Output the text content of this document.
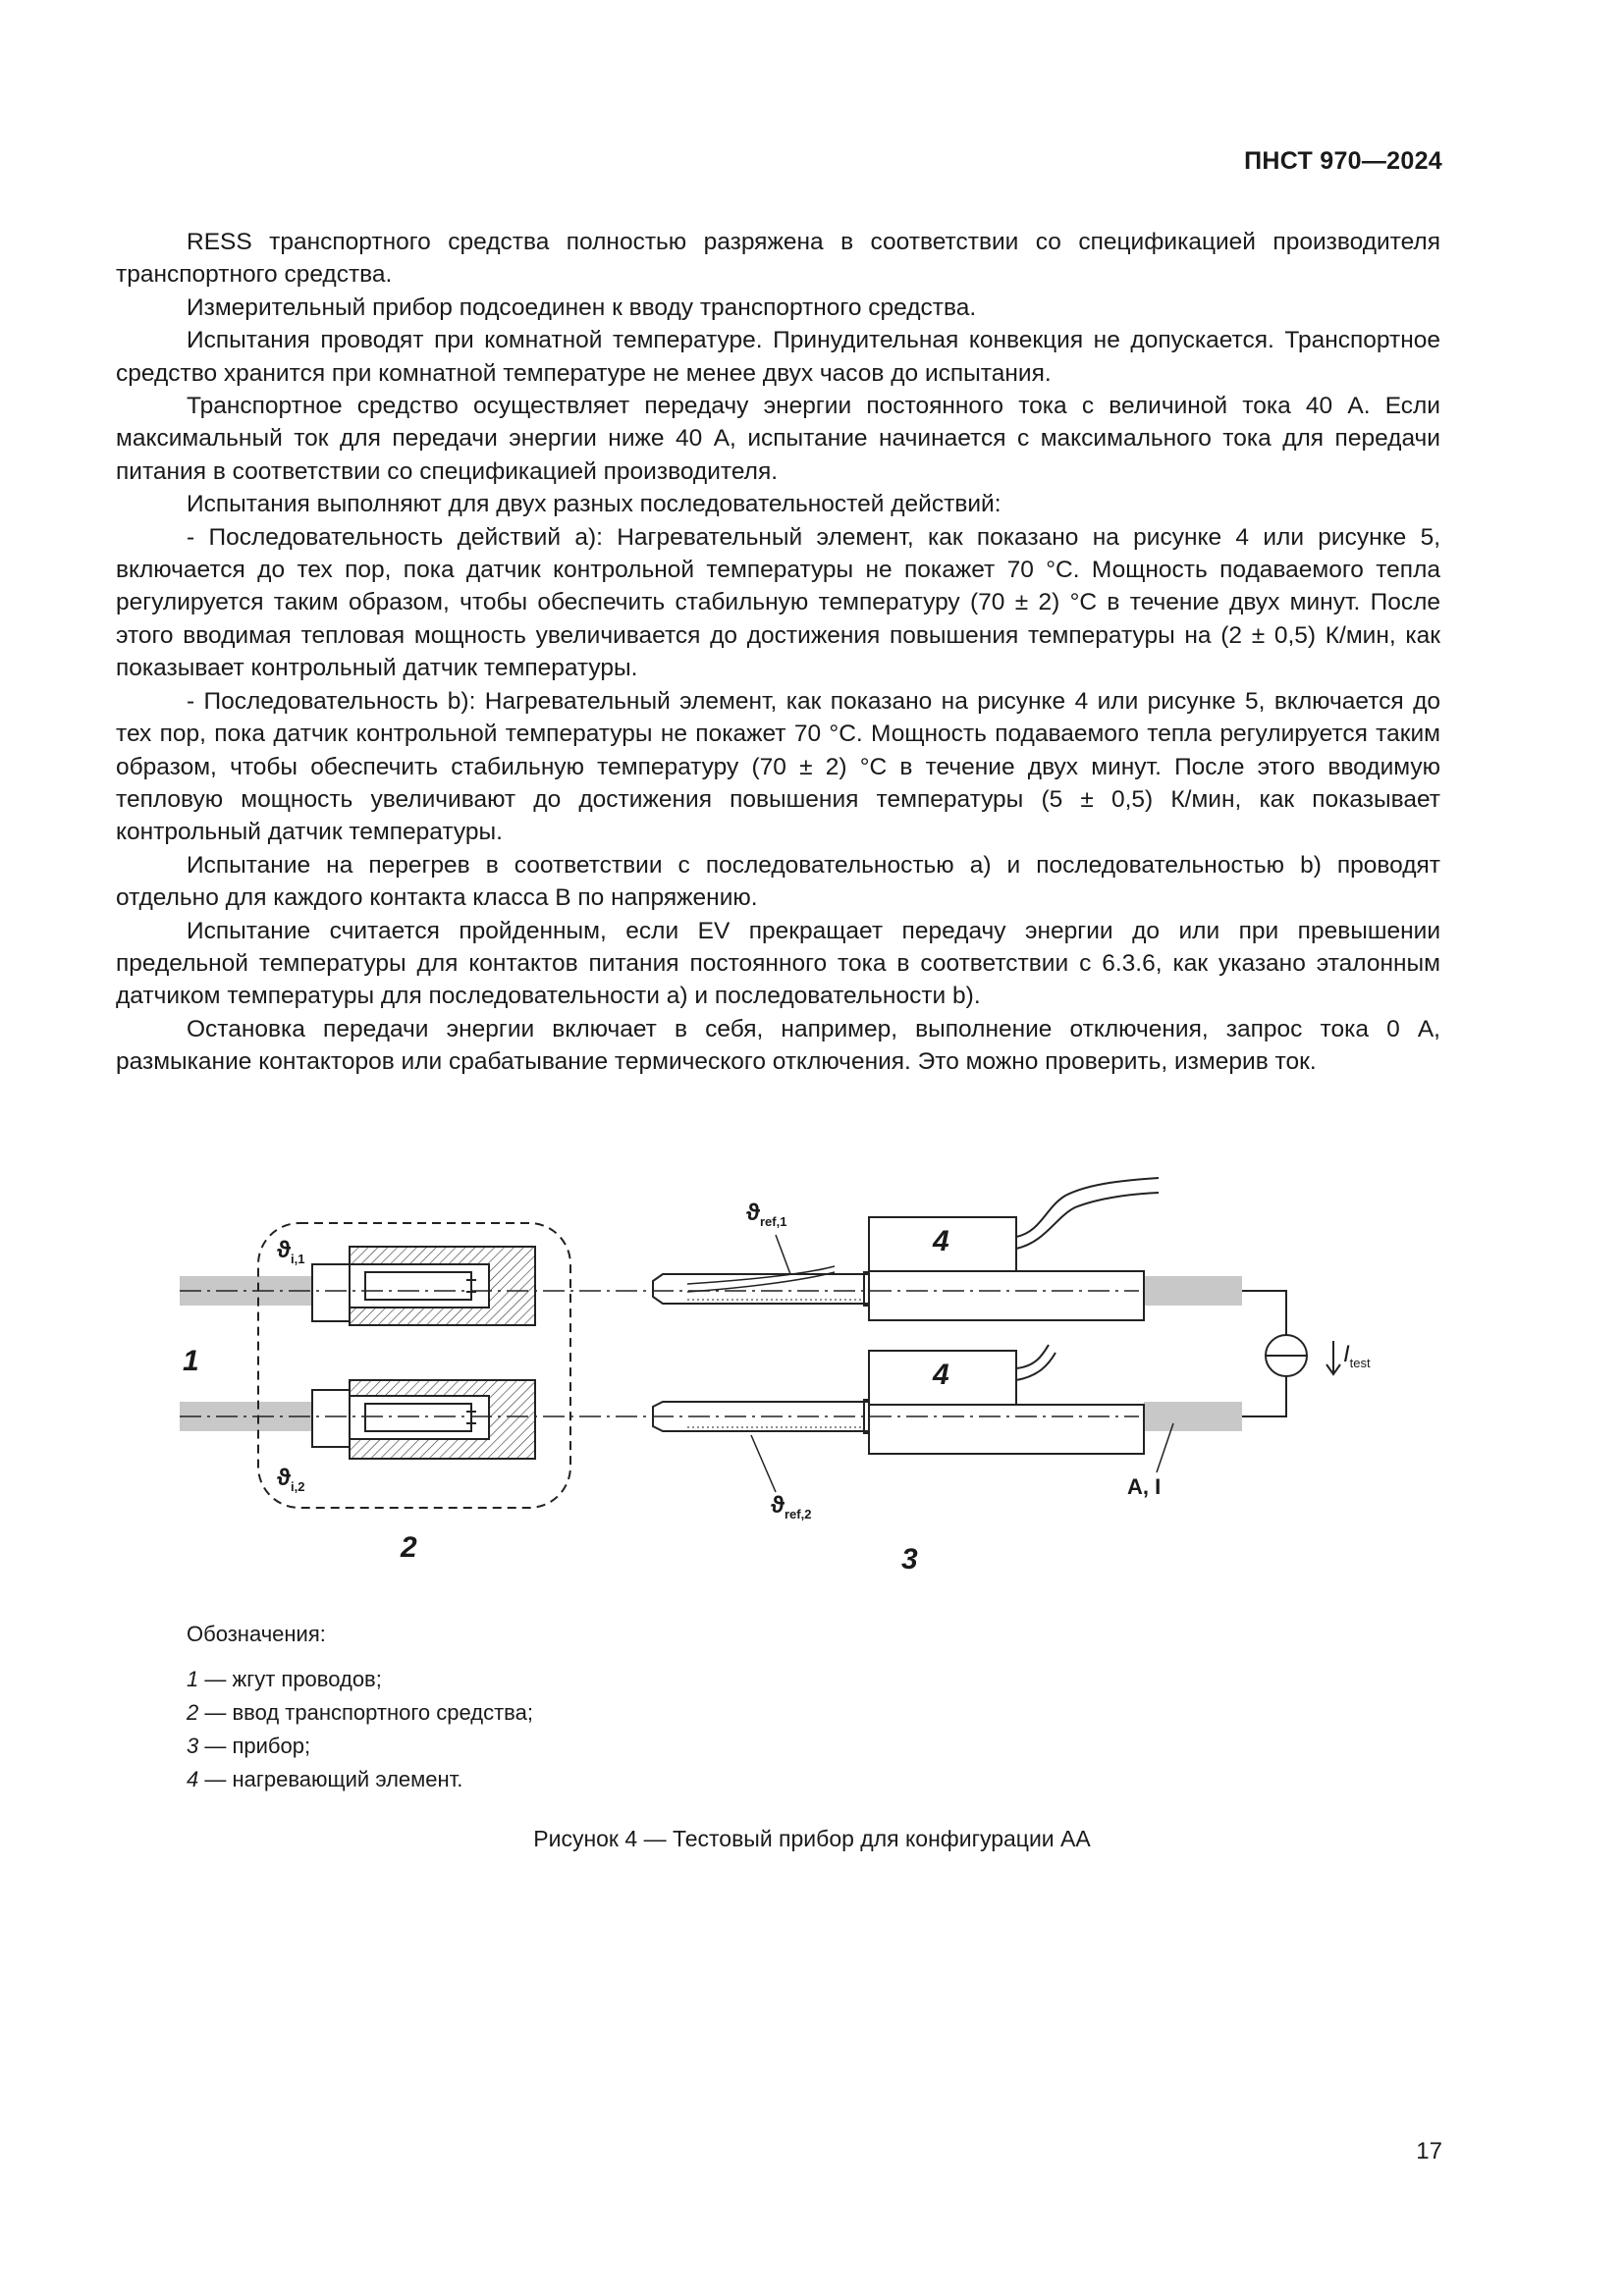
ПНСТ 970—2024

RESS транспортного средства полностью разряжена в соответствии со спецификацией производителя транспортного средства.

Измерительный прибор подсоединен к вводу транспортного средства.

Испытания проводят при комнатной температуре. Принудительная конвекция не допускается. Транспортное средство хранится при комнатной температуре не менее двух часов до испытания.

Транспортное средство осуществляет передачу энергии постоянного тока с величиной тока 40 А. Если максимальный ток для передачи энергии ниже 40 А, испытание начинается с максимального тока для передачи питания в соответствии со спецификацией производителя.

Испытания выполняют для двух разных последовательностей действий:

- Последовательность действий a): Нагревательный элемент, как показано на рисунке 4 или рисунке 5, включается до тех пор, пока датчик контрольной температуры не покажет 70 °С. Мощность подаваемого тепла регулируется таким образом, чтобы обеспечить стабильную температуру (70 ± 2) °С в течение двух минут. После этого вводимая тепловая мощность увеличивается до достижения повышения температуры на (2 ± 0,5) К/мин, как показывает контрольный датчик температуры.

- Последовательность b): Нагревательный элемент, как показано на рисунке 4 или рисунке 5, включается до тех пор, пока датчик контрольной температуры не покажет 70 °С. Мощность подаваемого тепла регулируется таким образом, чтобы обеспечить стабильную температуру (70 ± 2) °С в течение двух минут. После этого вводимую тепловую мощность увеличивают до достижения повышения температуры (5 ± 0,5) К/мин, как показывает контрольный датчик температуры.

Испытание на перегрев в соответствии с последовательностью a) и последовательностью b) проводят отдельно для каждого контакта класса B по напряжению.

Испытание считается пройденным, если EV прекращает передачу энергии до или при превышении предельной температуры для контактов питания постоянного тока в соответствии с 6.3.6, как указано эталонным датчиком температуры для последовательности a) и последовательности b).

Остановка передачи энергии включает в себя, например, выполнение отключения, запрос тока 0 А, размыкание контакторов или срабатывание термического отключения. Это можно проверить, измерив ток.

1
2	3
4
4
$ϑ_{i,1}$
$ϑ_{i,2}$
$ϑ_{ref,1}$
$ϑ_{ref,2}$
$I_{test}$
A, I
Обозначения:
1 — жгут проводов;
2 — ввод транспортного средства;
3 — прибор;
4 — нагревающий элемент.
Рисунок 4 — Тестовый прибор для конфигурации АА
17
